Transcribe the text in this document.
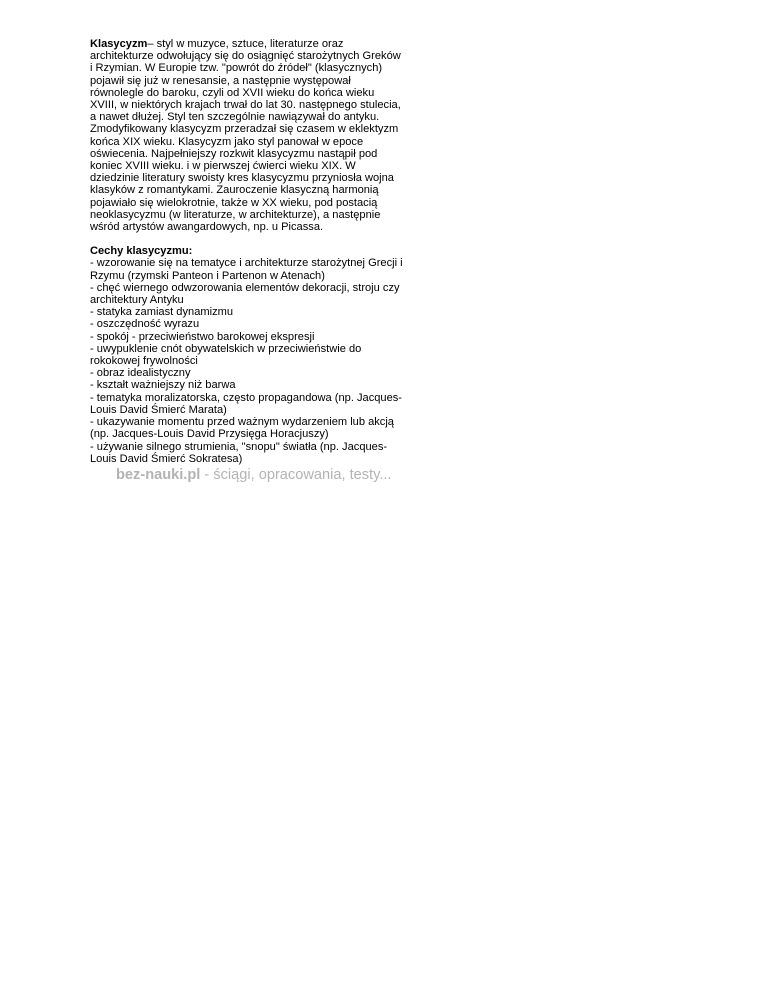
Klasycyzm– styl w muzyce, sztuce, literaturze oraz
architekturze odwołujący się do osiągnięć starożytnych Greków
i Rzymian. W Europie tzw. "powrót do źródeł" (klasycznych)
pojawił się już w renesansie, a następnie występował
równolegle do baroku, czyli od XVII wieku do końca wieku
XVIII, w niektórych krajach trwał do lat 30. następnego stulecia,
a nawet dłużej. Styl ten szczególnie nawiązywał do antyku.
Zmodyfikowany klasycyzm przeradzał się czasem w eklektyzm
końca XIX wieku. Klasycyzm jako styl panował w epoce
oświecenia. Najpełniejszy rozkwit klasycyzmu nastąpił pod
koniec XVIII wieku. i w pierwszej ćwierci wieku XIX. W
dziedzinie literatury swoisty kres klasycyzmu przyniosła wojna
klasyków z romantykami. Zauroczenie klasyczną harmonią
pojawiało się wielokrotnie, także w XX wieku, pod postacią
neoklasycyzmu (w literaturze, w architekturze), a następnie
wśród artystów awangardowych, np. u Picassa.
Cechy klasycyzmu:
- wzorowanie się na tematyce i architekturze starożytnej Grecji i
Rzymu (rzymski Panteon i Partenon w Atenach)
- chęć wiernego odwzorowania elementów dekoracji, stroju czy
architektury Antyku
- statyka zamiast dynamizmu
- oszczędność wyrazu
- spokój - przeciwieństwo barokowej ekspresji
- uwypuklenie cnót obywatelskich w przeciwieństwie do
rokokowej frywolności
- obraz idealistyczny
- kształt ważniejszy niż barwa
- tematyka moralizatorska, często propagandowa (np. Jacques-
Louis David Śmierć Marata)
- ukazywanie momentu przed ważnym wydarzeniem lub akcją
(np. Jacques-Louis David Przysięga Horacjuszy)
- używanie silnego strumienia, "snopu" światła (np. Jacques-
Louis David Śmierć Sokratesa)
bez-nauki.pl - ściągi, opracowania, testy...
